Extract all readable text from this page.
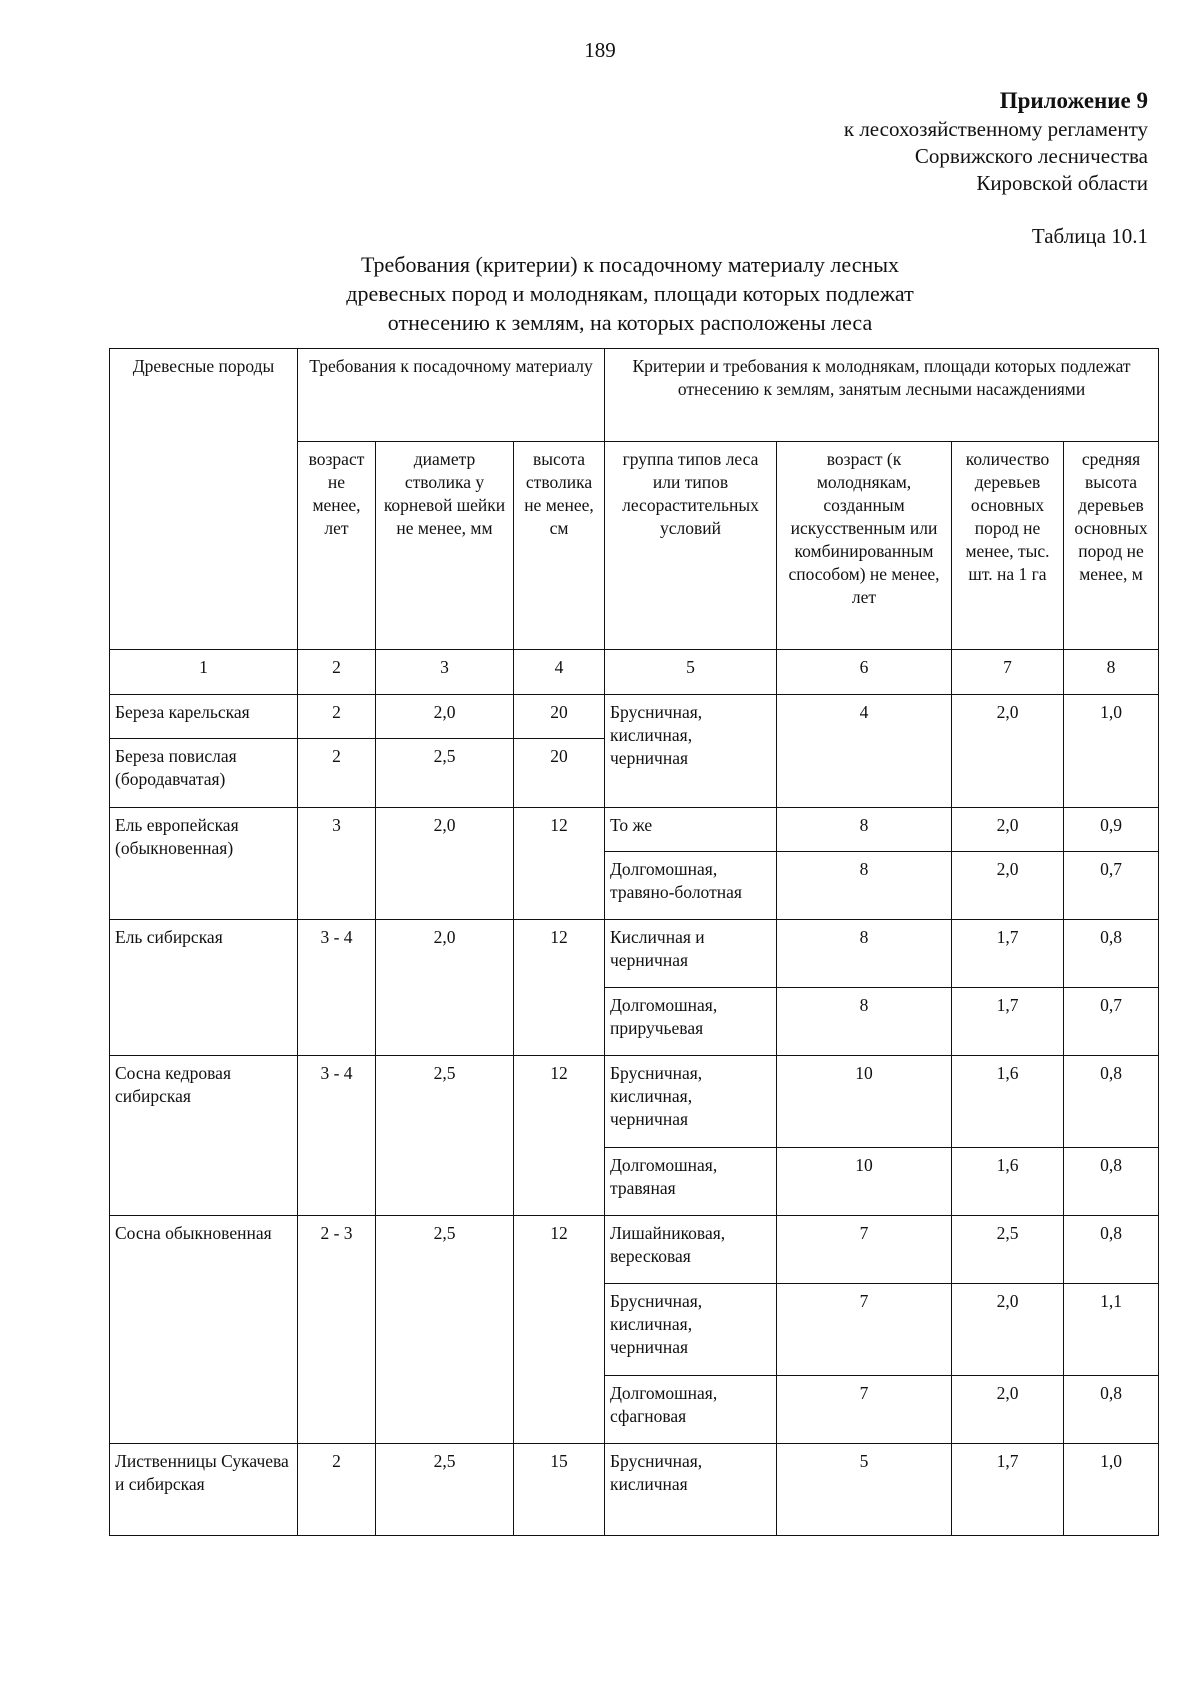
189
Приложение 9
к лесохозяйственному регламенту
Сорвижского лесничества
Кировской области
Таблица 10.1
Требования (критерии) к посадочному материалу лесных
древесных пород и молоднякам, площади которых подлежат
отнесению к землям, на которых расположены леса
Древесные породы	Требования к посадочному материалу			Критерии и требования к молоднякам, площади которых подлежат отнесению к землям, занятым лесными насаждениями			
	возраст не менее, лет	диаметр стволика у корневой шейки не менее, мм	высота стволика не менее, см	группа типов леса или типов лесорастительных условий	возраст (к молоднякам, созданным искусственным или комбинированным способом) не менее, лет	количество деревьев основных пород не менее, тыс. шт. на 1 га	средняя высота деревьев основных пород не менее, м
1	2	3	4	5	6	7	8
Береза карельская	2	2,0	20	Брусничная, кисличная, черничная	4	2,0	1,0
Береза повислая (бородавчатая)	2	2,5	20				
Ель европейская (обыкновенная)	3	2,0	12	То же	8	2,0	0,9
				Долгомошная, травяно-болотная	8	2,0	0,7
Ель сибирская	3 - 4	2,0	12	Кисличная и черничная	8	1,7	0,8
				Долгомошная, приручьевая	8	1,7	0,7
Сосна кедровая сибирская	3 - 4	2,5	12	Брусничная, кисличная, черничная	10	1,6	0,8
				Долгомошная, травяная	10	1,6	0,8
Сосна обыкновенная	2 - 3	2,5	12	Лишайниковая, вересковая	7	2,5	0,8
				Брусничная, кисличная, черничная	7	2,0	1,1
				Долгомошная, сфагновая	7	2,0	0,8
Лиственницы Сукачева и сибирская	2	2,5	15	Брусничная, кисличная	5	1,7	1,0
